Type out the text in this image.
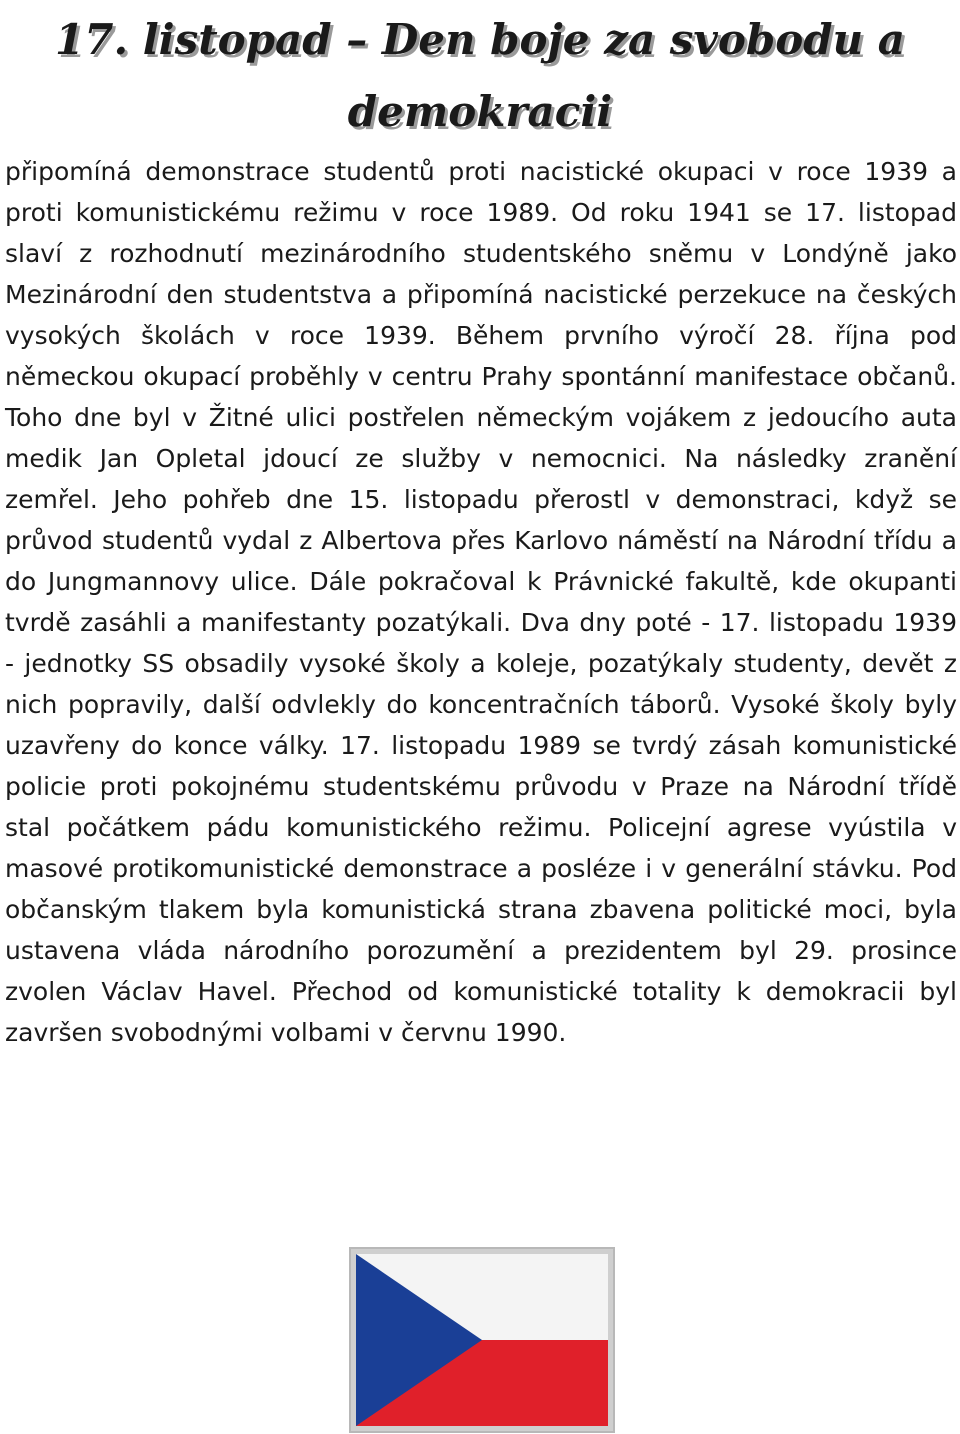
17. listopad – Den boje za svobodu a demokracii

připomíná demonstrace studentů proti nacistické okupaci v roce 1939 a proti komunistickému režimu v roce 1989. Od roku 1941 se 17. listopad slaví z rozhodnutí mezinárodního studentského sněmu v Londýně jako Mezinárodní den studentstva a připomíná nacistické perzekuce na českých vysokých školách v roce 1939. Během prvního výročí 28. října pod německou okupací proběhly v centru Prahy spontánní manifestace občanů. Toho dne byl v Žitné ulici postřelen německým vojákem z jedoucího auta medik Jan Opletal jdoucí ze služby v nemocnici. Na následky zranění zemřel. Jeho pohřeb dne 15. listopadu přerostl v demonstraci, když se průvod studentů vydal z Albertova přes Karlovo náměstí na Národní třídu a do Jungmannovy ulice. Dále pokračoval k Právnické fakultě, kde okupanti tvrdě zasáhli a manifestanty pozatýkali. Dva dny poté - 17. listopadu 1939 - jednotky SS obsadily vysoké školy a koleje, pozatýkaly studenty, devět z nich popravily, další odvlekly do koncentračních táborů. Vysoké školy byly uzavřeny do konce války. 17. listopadu 1989 se tvrdý zásah komunistické policie proti pokojnému studentskému průvodu v Praze na Národní třídě stal počátkem pádu komunistického režimu. Policejní agrese vyústila v masové protikomunistické demonstrace a posléze i v generální stávku. Pod občanským tlakem byla komunistická strana zbavena politické moci, byla ustavena vláda národního porozumění a prezidentem byl 29. prosince zvolen Václav Havel. Přechod od komunistické totality k demokracii byl završen svobodnými volbami v červnu 1990.
